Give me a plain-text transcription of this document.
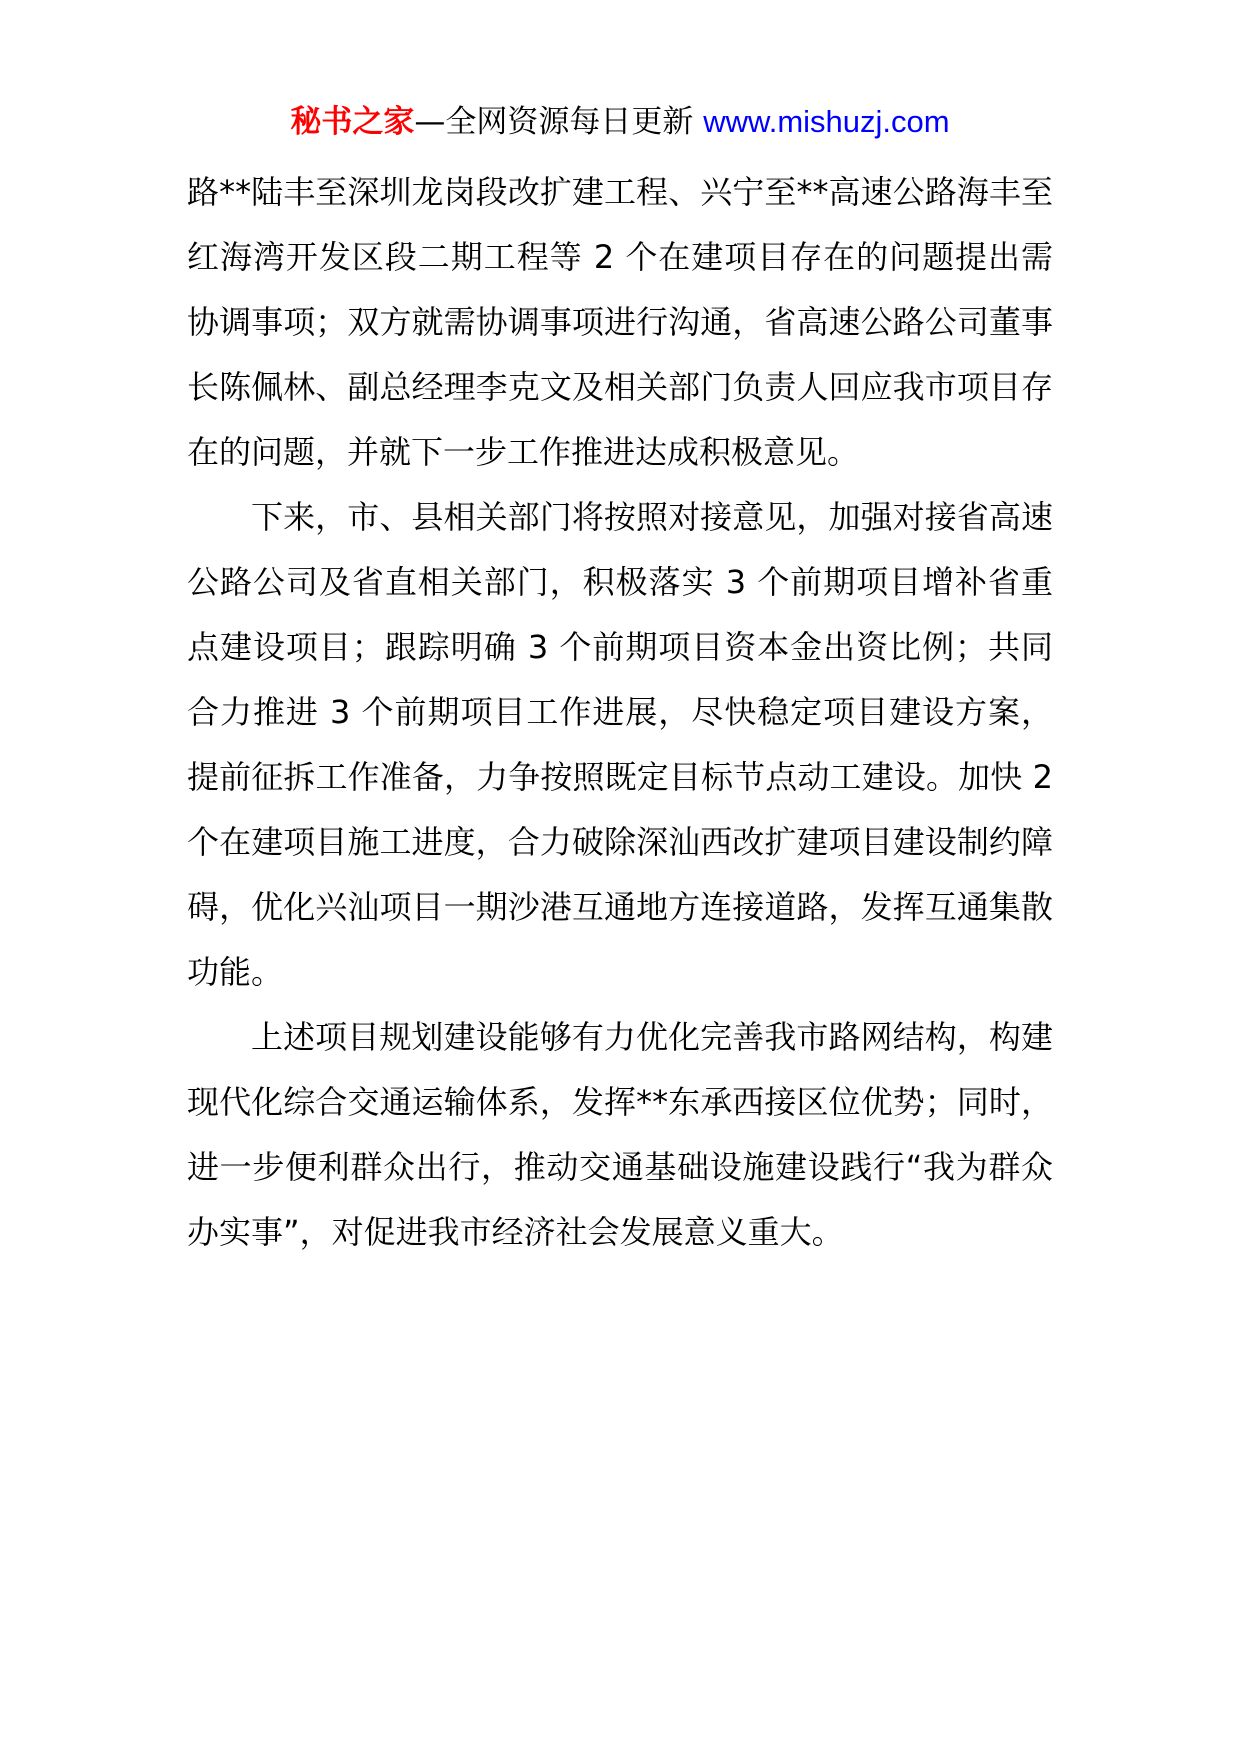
秘书之家—全网资源每日更新 www.mishuzj.com

路**陆丰至深圳龙岗段改扩建工程、兴宁至**高速公路海丰至红海湾开发区段二期工程等 2 个在建项目存在的问题提出需协调事项；双方就需协调事项进行沟通，省高速公路公司董事长陈佩林、副总经理李克文及相关部门负责人回应我市项目存在的问题，并就下一步工作推进达成积极意见。

下来，市、县相关部门将按照对接意见，加强对接省高速公路公司及省直相关部门，积极落实 3 个前期项目增补省重点建设项目；跟踪明确 3 个前期项目资本金出资比例；共同合力推进 3 个前期项目工作进展，尽快稳定项目建设方案，提前征拆工作准备，力争按照既定目标节点动工建设。加快 2 个在建项目施工进度，合力破除深汕西改扩建项目建设制约障碍，优化兴汕项目一期沙港互通地方连接道路，发挥互通集散功能。

上述项目规划建设能够有力优化完善我市路网结构，构建现代化综合交通运输体系，发挥**东承西接区位优势；同时，进一步便利群众出行，推动交通基础设施建设践行“我为群众办实事”，对促进我市经济社会发展意义重大。
